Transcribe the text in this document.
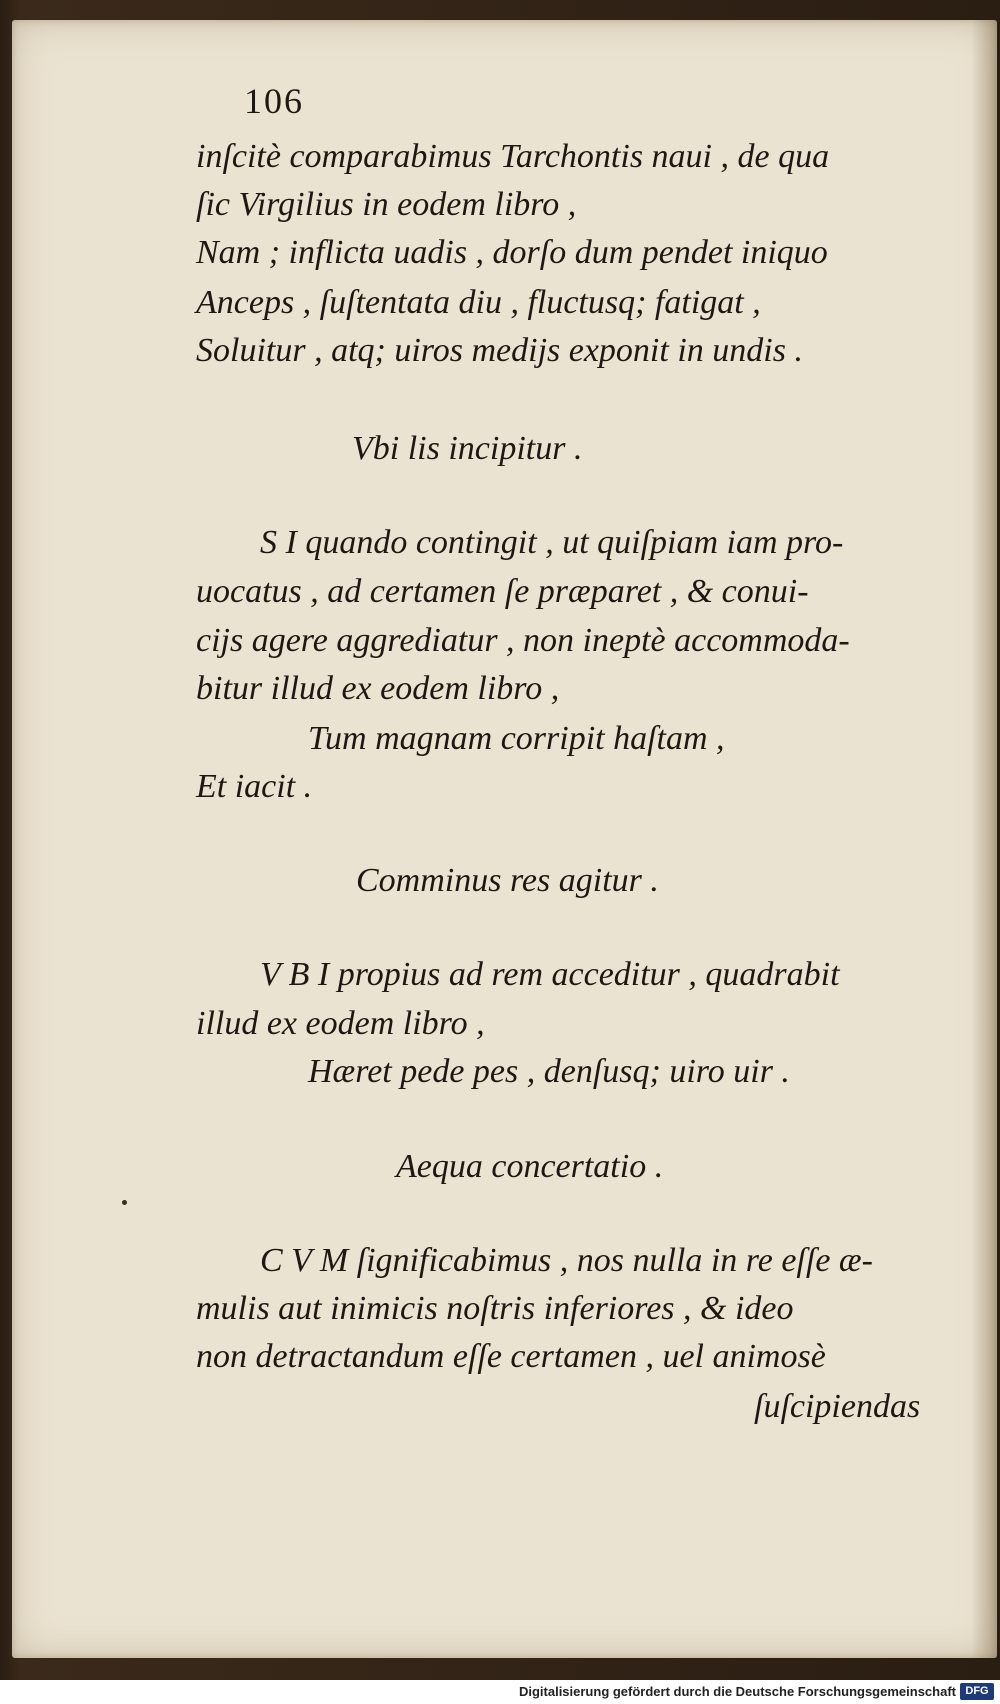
106
inſcitè comparabimus Tarchontis naui , de qua
ſic Virgilius in eodem libro ,
Nam ; inflicta uadis , dorſo dum pendet iniquo
Anceps , ſuſtentata diu , fluctusq; fatigat ,
Soluitur , atq; uiros medijs exponit in undis .
Vbi lis incipitur .
S I quando contingit , ut quiſpiam iam pro-
uocatus , ad certamen ſe præparet , & conui-
cijs agere aggrediatur , non ineptè accommoda-
bitur illud ex eodem libro ,
Tum magnam corripit haſtam ,
Et iacit .
Comminus res agitur .
V B I propius ad rem acceditur , quadrabit
illud ex eodem libro ,
Hæret pede pes , denſusq; uiro uir .
Aequa concertatio .
C V M ſignificabimus , nos nulla in re eſſe æ-
mulis aut inimicis noſtris inferiores , & ideo
non detractandum eſſe certamen , uel animosè
ſuſcipiendas
Digitalisierung gefördert durch die Deutsche Forschungsgemeinschaft DFG
